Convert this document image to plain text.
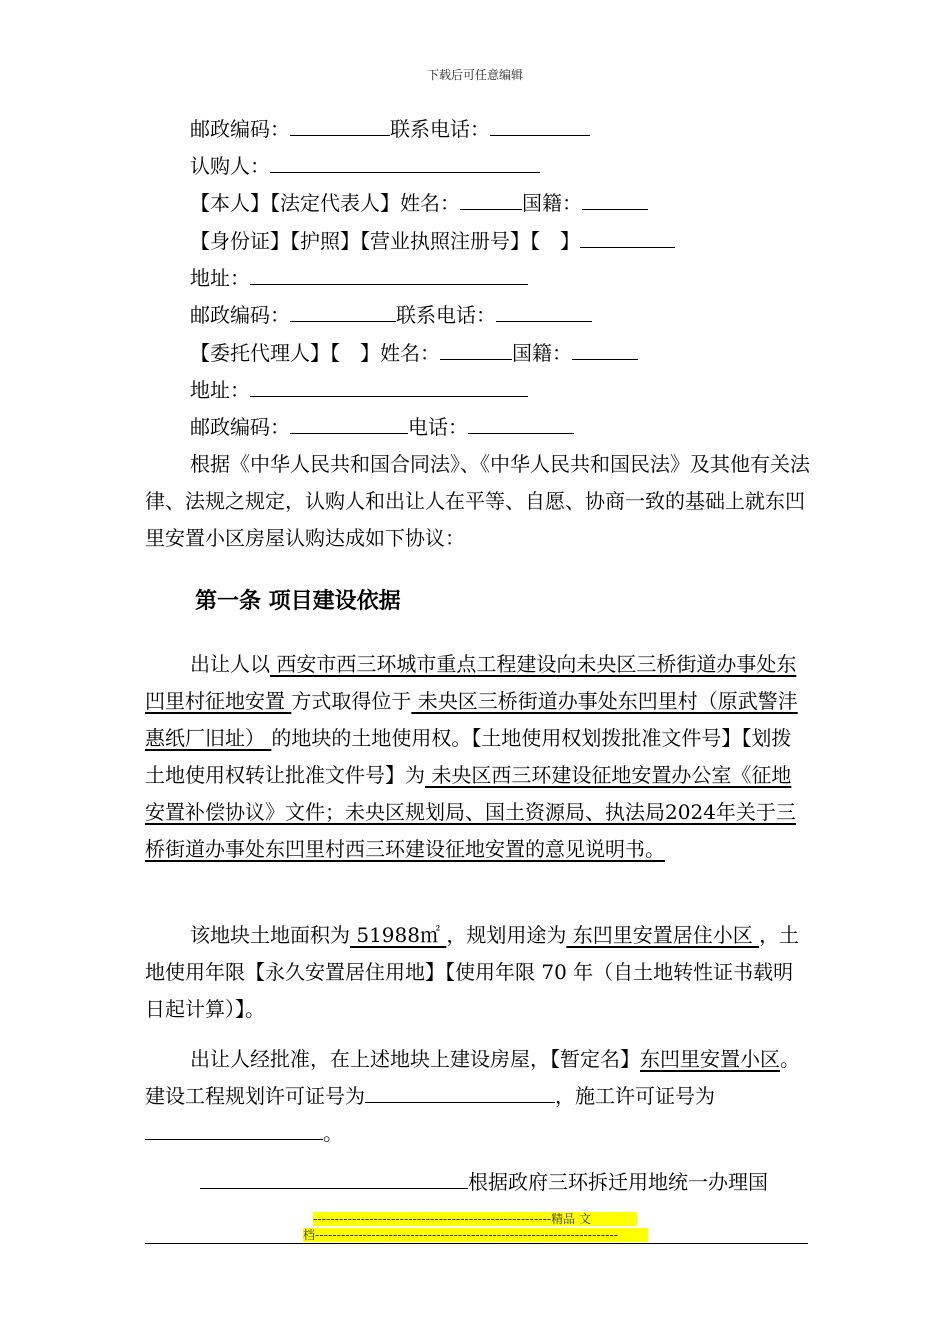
下载后可任意编辑
邮政编码：	联系电话：
认购人：
【本人】【法定代表人】姓名：	国籍：
【身份证】【护照】【营业执照注册号】【　】
地址：
邮政编码：	联系电话：
【委托代理人】【　】姓名：	国籍：
地址：
邮政编码：	电话：
根据《中华人民共和国合同法》、《中华人民共和国民法》及其他有关法律、法规之规定，认购人和出让人在平等、自愿、协商一致的基础上就东凹里安置小区房屋认购达成如下协议：
第一条 项目建设依据
出让人以 西安市西三环城市重点工程建设向未央区三桥街道办事处东凹里村征地安置 方式取得位于 未央区三桥街道办事处东凹里村（原武警沣惠纸厂旧址） 的地块的土地使用权。【土地使用权划拨批准文件号】【划拨土地使用权转让批准文件号】为 未央区西三环建设征地安置办公室《征地安置补偿协议》文件；未央区规划局、国土资源局、执法局2024年关于三桥街道办事处东凹里村西三环建设征地安置的意见说明书。
该地块土地面积为 51988㎡ ，规划用途为 东凹里安置居住小区 ，土地使用年限【永久安置居住用地】【使用年限 70 年（自土地转性证书载明日起计算）】。
出让人经批准，在上述地块上建设房屋，【暂定名】东凹里安置小区。建设工程规划许可证号为	，施工许可证号为。
根据政府三环拆迁用地统一办理国
-------------------------------------------------------精品 文
档----------------------------------------------------------------------
